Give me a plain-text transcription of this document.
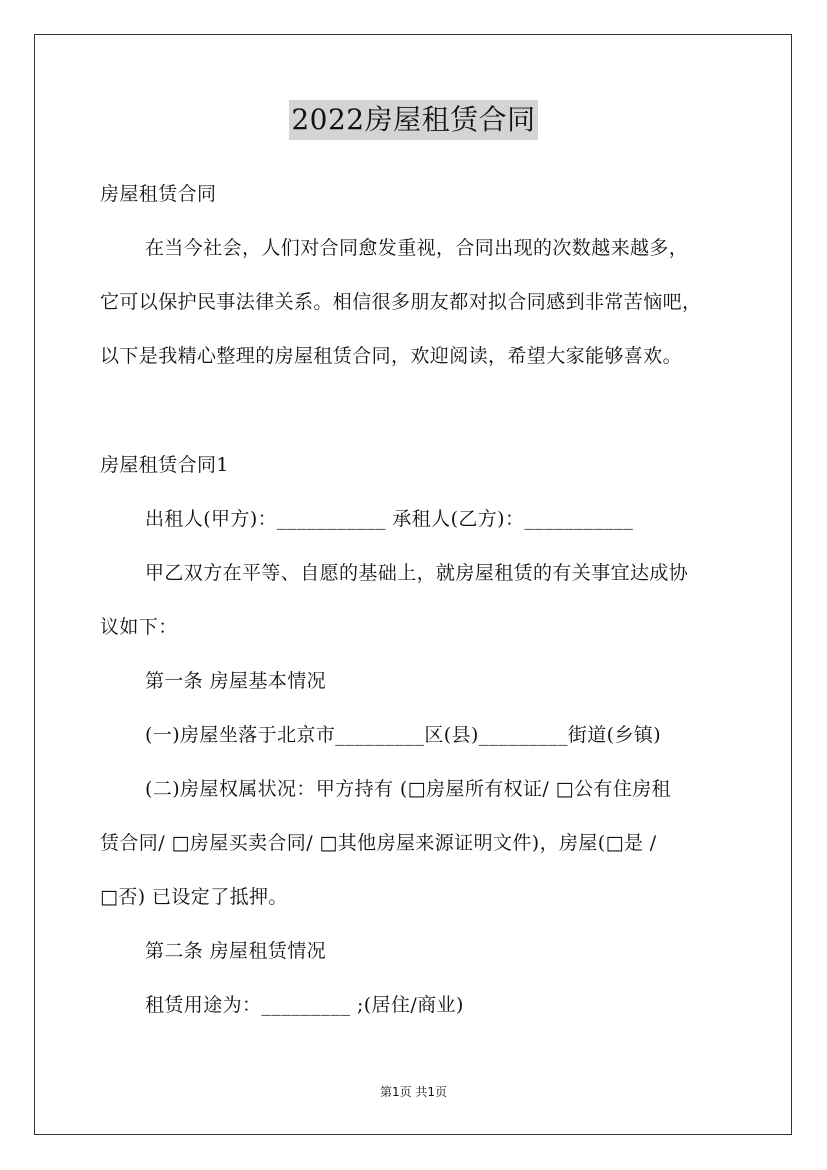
2022房屋租赁合同
房屋租赁合同
在当今社会，人们对合同愈发重视，合同出现的次数越来越多，
它可以保护民事法律关系。相信很多朋友都对拟合同感到非常苦恼吧，
以下是我精心整理的房屋租赁合同，欢迎阅读，希望大家能够喜欢。
房屋租赁合同1
出租人(甲方)：___________ 承租人(乙方)：___________
甲乙双方在平等、自愿的基础上，就房屋租赁的有关事宜达成协
议如下：
第一条 房屋基本情况
(一)房屋坐落于北京市_________区(县)_________街道(乡镇)
(二)房屋权属状况：甲方持有 (□房屋所有权证/ □公有住房租
赁合同/ □房屋买卖合同/ □其他房屋来源证明文件)，房屋(□是 /
□否) 已设定了抵押。
第二条 房屋租赁情况
租赁用途为：_________ ;(居住/商业)
第1页 共1页
